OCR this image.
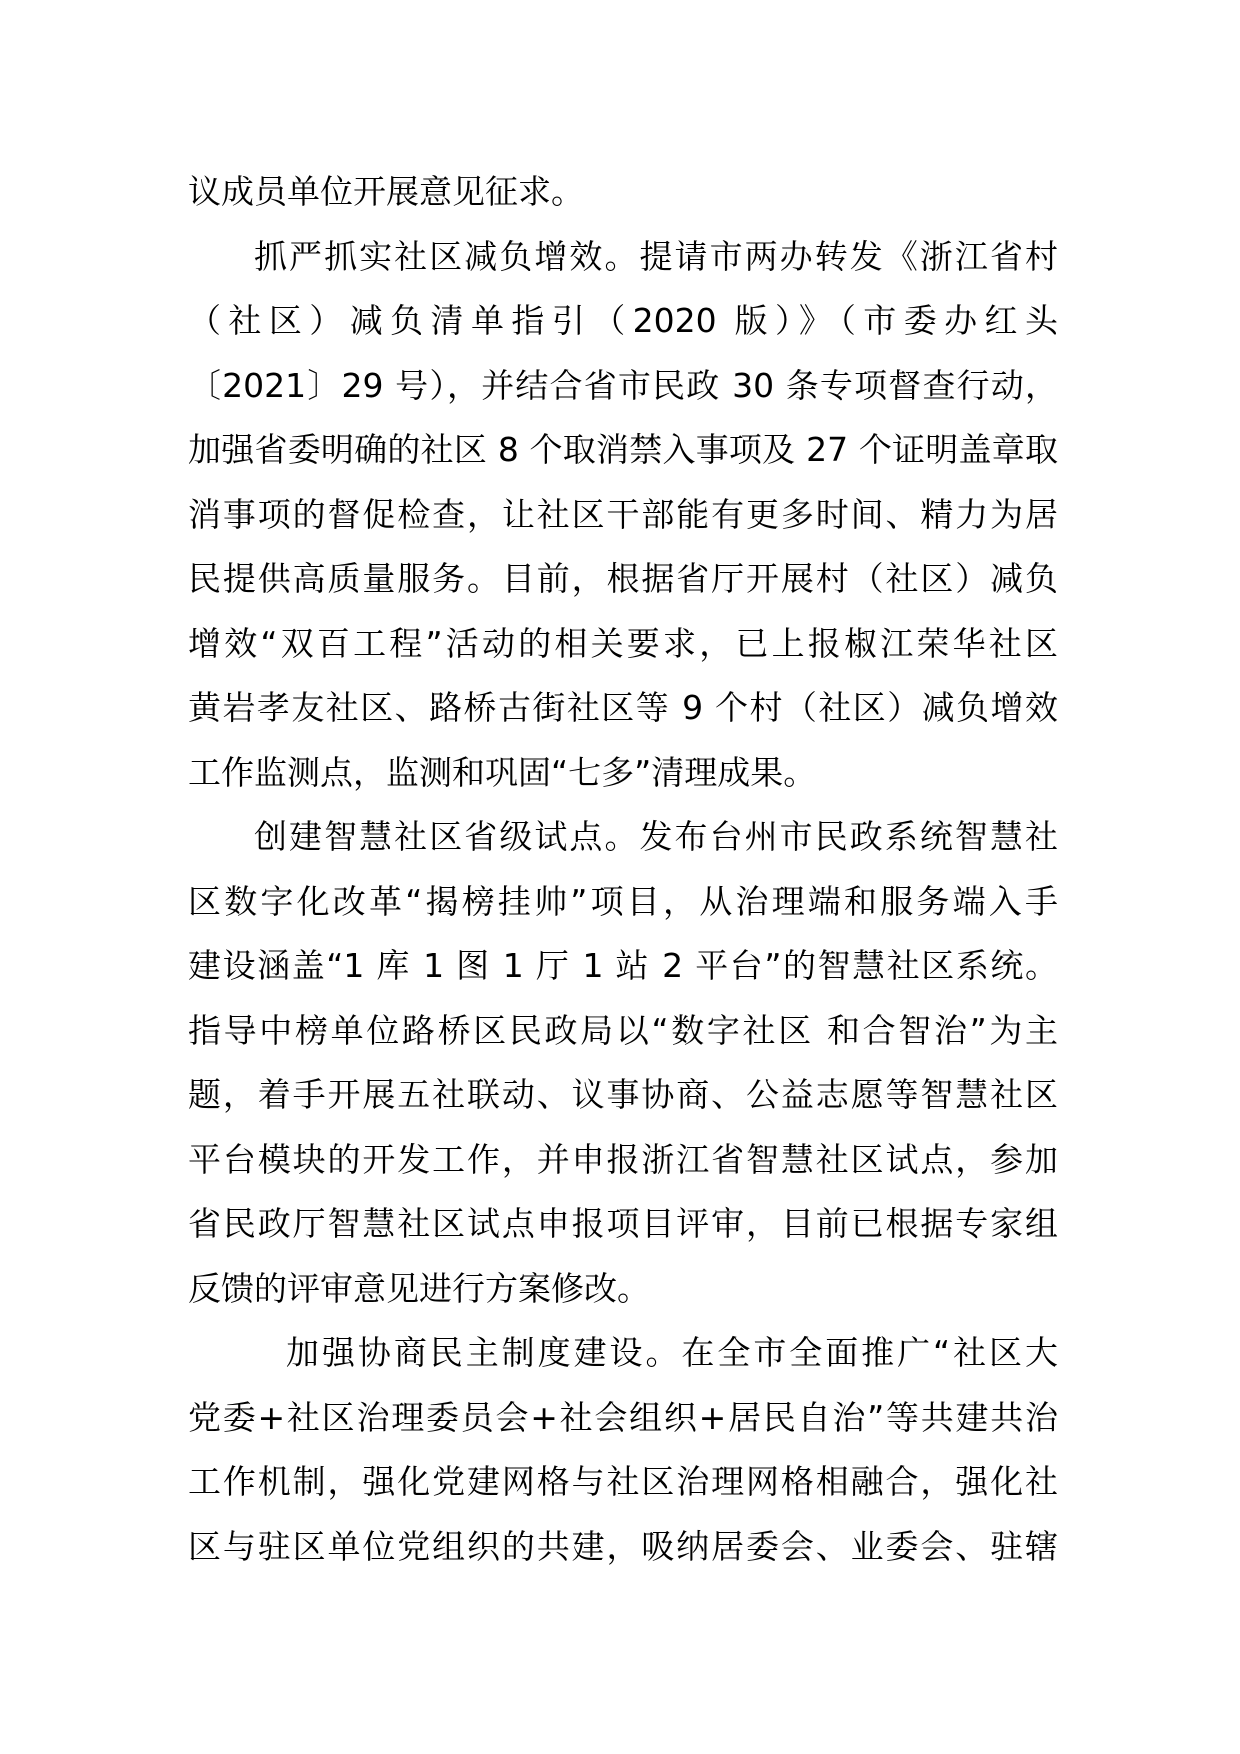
议成员单位开展意见征求。
抓严抓实社区减负增效。提请市两办转发《浙江省村
（社区）减负清单指引（2020 版）》（市委办红头
〔2021〕29 号），并结合省市民政 30 条专项督查行动，
加强省委明确的社区 8 个取消禁入事项及 27 个证明盖章取
消事项的督促检查，让社区干部能有更多时间、精力为居
民提供高质量服务。目前，根据省厅开展村（社区）减负
增效“双百工程”活动的相关要求，已上报椒江荣华社区
黄岩孝友社区、路桥古街社区等 9 个村（社区）减负增效
工作监测点，监测和巩固“七多”清理成果。
创建智慧社区省级试点。发布台州市民政系统智慧社
区数字化改革“揭榜挂帅”项目，从治理端和服务端入手
建设涵盖“1 库 1 图 1 厅 1 站 2 平台”的智慧社区系统。
指导中榜单位路桥区民政局以“数字社区 和合智治”为主
题，着手开展五社联动、议事协商、公益志愿等智慧社区
平台模块的开发工作，并申报浙江省智慧社区试点，参加
省民政厅智慧社区试点申报项目评审，目前已根据专家组
反馈的评审意见进行方案修改。
加强协商民主制度建设。在全市全面推广“社区大
党委+社区治理委员会+社会组织+居民自治”等共建共治
工作机制，强化党建网格与社区治理网格相融合，强化社
区与驻区单位党组织的共建，吸纳居委会、业委会、驻辖
